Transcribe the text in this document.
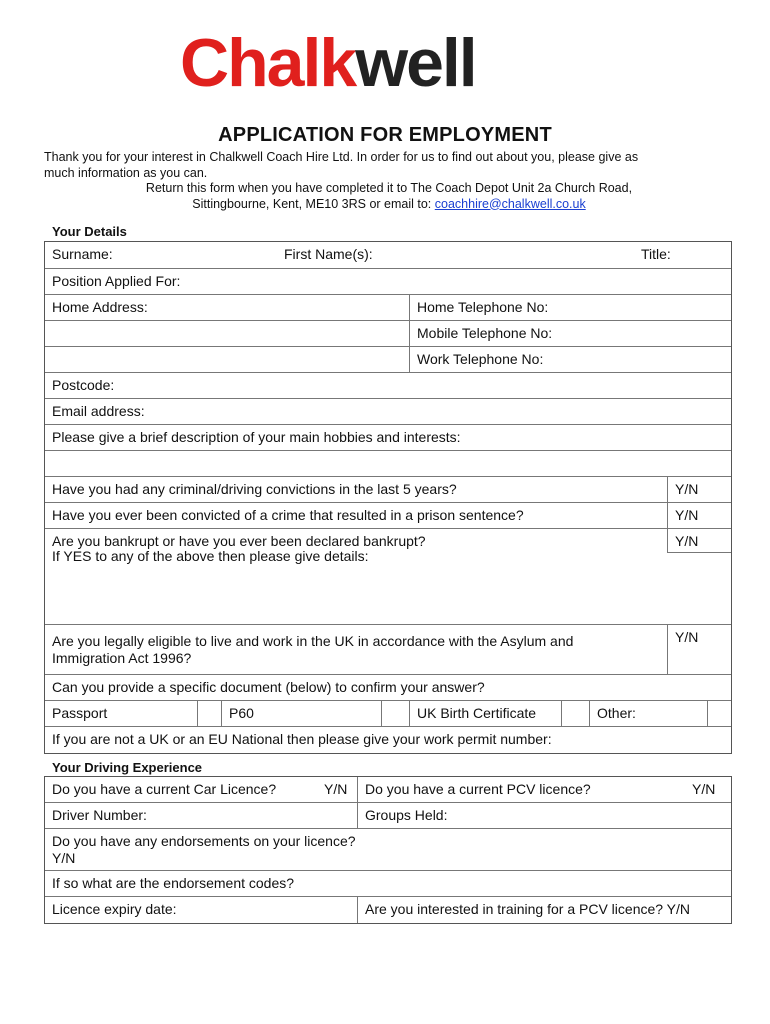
Chalkwell
APPLICATION FOR EMPLOYMENT
Thank you for your interest in Chalkwell Coach Hire Ltd. In order for us to find out about you, please give as
much information as you can.
Return this form when you have completed it to The Coach Depot Unit 2a Church Road,
Sittingbourne, Kent, ME10 3RS or email to: coachhire@chalkwell.co.uk
Your Details
Surname:	First Name(s):	Title:
Position Applied For:
Home Address:	Home Telephone No:
Mobile Telephone No:
Work Telephone No:
Postcode:
Email address:
Please give a brief description of your main hobbies and interests:
Have you had any criminal/driving convictions in the last 5 years?	Y/N
Have you ever been convicted of a crime that resulted in a prison sentence?	Y/N
Are you bankrupt or have you ever been declared bankrupt?	Y/N
If YES to any of the above then please give details:
Are you legally eligible to live and work in the UK in accordance with the Asylum and
Immigration Act 1996?
Y/N
Can you provide a specific document (below) to confirm your answer?
Passport	P60	UK Birth Certificate	Other:
If you are not a UK or an EU National then please give your work permit number:
Your Driving Experience
Do you have a current Car Licence?	Y/N	Do you have a current PCV licence?	Y/N
Driver Number:	Groups Held:
Do you have any endorsements on your licence?
Y/N
If so what are the endorsement codes?
Licence expiry date:	Are you interested in training for a PCV licence? Y/N
